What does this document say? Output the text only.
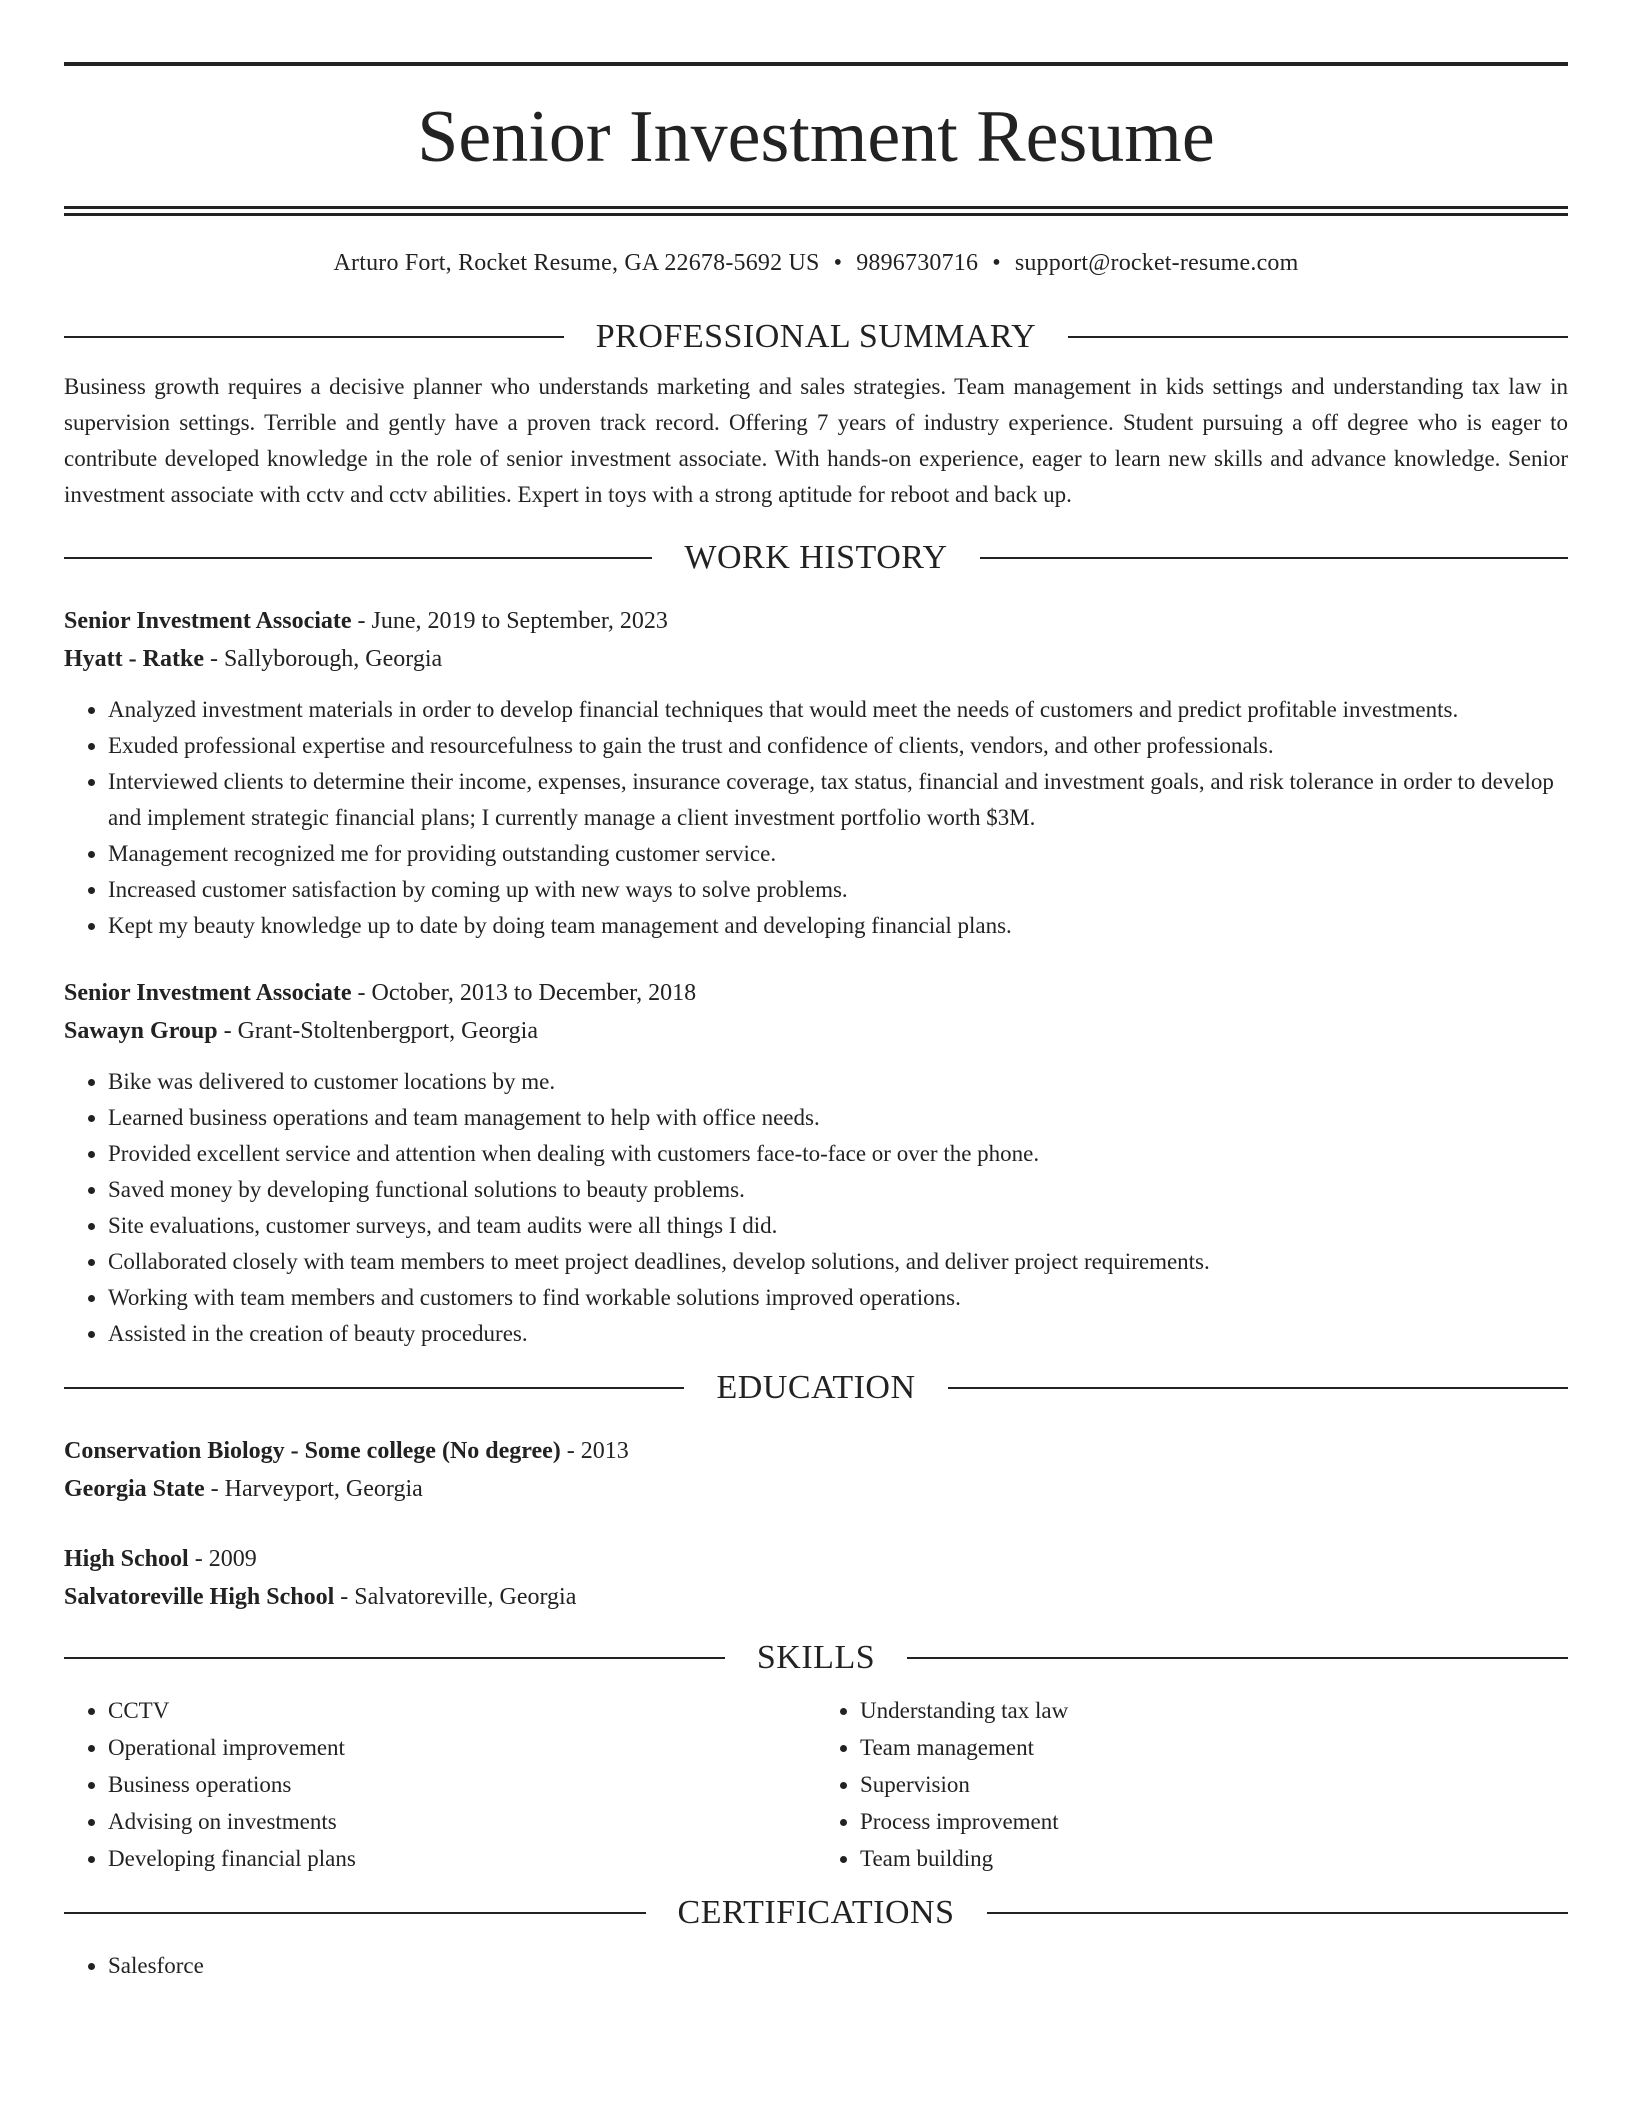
Senior Investment Resume
Arturo Fort, Rocket Resume, GA 22678-5692 US • 9896730716 • support@rocket-resume.com
PROFESSIONAL SUMMARY

Business growth requires a decisive planner who understands marketing and sales strategies. Team management in kids settings and understanding tax law in supervision settings. Terrible and gently have a proven track record. Offering 7 years of industry experience. Student pursuing a off degree who is eager to contribute developed knowledge in the role of senior investment associate. With hands-on experience, eager to learn new skills and advance knowledge. Senior investment associate with cctv and cctv abilities. Expert in toys with a strong aptitude for reboot and back up.

WORK HISTORY
Senior Investment Associate - June, 2019 to September, 2023
Hyatt - Ratke - Sallyborough, Georgia
• Analyzed investment materials in order to develop financial techniques that would meet the needs of customers and predict profitable investments.
• Exuded professional expertise and resourcefulness to gain the trust and confidence of clients, vendors, and other professionals.
• Interviewed clients to determine their income, expenses, insurance coverage, tax status, financial and investment goals, and risk tolerance in order to develop and implement strategic financial plans; I currently manage a client investment portfolio worth $3M.
• Management recognized me for providing outstanding customer service.
• Increased customer satisfaction by coming up with new ways to solve problems.
• Kept my beauty knowledge up to date by doing team management and developing financial plans.
Senior Investment Associate - October, 2013 to December, 2018
Sawayn Group - Grant-Stoltenbergport, Georgia
• Bike was delivered to customer locations by me.
• Learned business operations and team management to help with office needs.
• Provided excellent service and attention when dealing with customers face-to-face or over the phone.
• Saved money by developing functional solutions to beauty problems.
• Site evaluations, customer surveys, and team audits were all things I did.
• Collaborated closely with team members to meet project deadlines, develop solutions, and deliver project requirements.
• Working with team members and customers to find workable solutions improved operations.
• Assisted in the creation of beauty procedures.
EDUCATION
Conservation Biology - Some college (No degree) - 2013
Georgia State - Harveyport, Georgia
High School - 2009
Salvatoreville High School - Salvatoreville, Georgia
SKILLS
• CCTV
• Operational improvement
• Business operations
• Advising on investments
• Developing financial plans
• Understanding tax law
• Team management
• Supervision
• Process improvement
• Team building
CERTIFICATIONS
• Salesforce
